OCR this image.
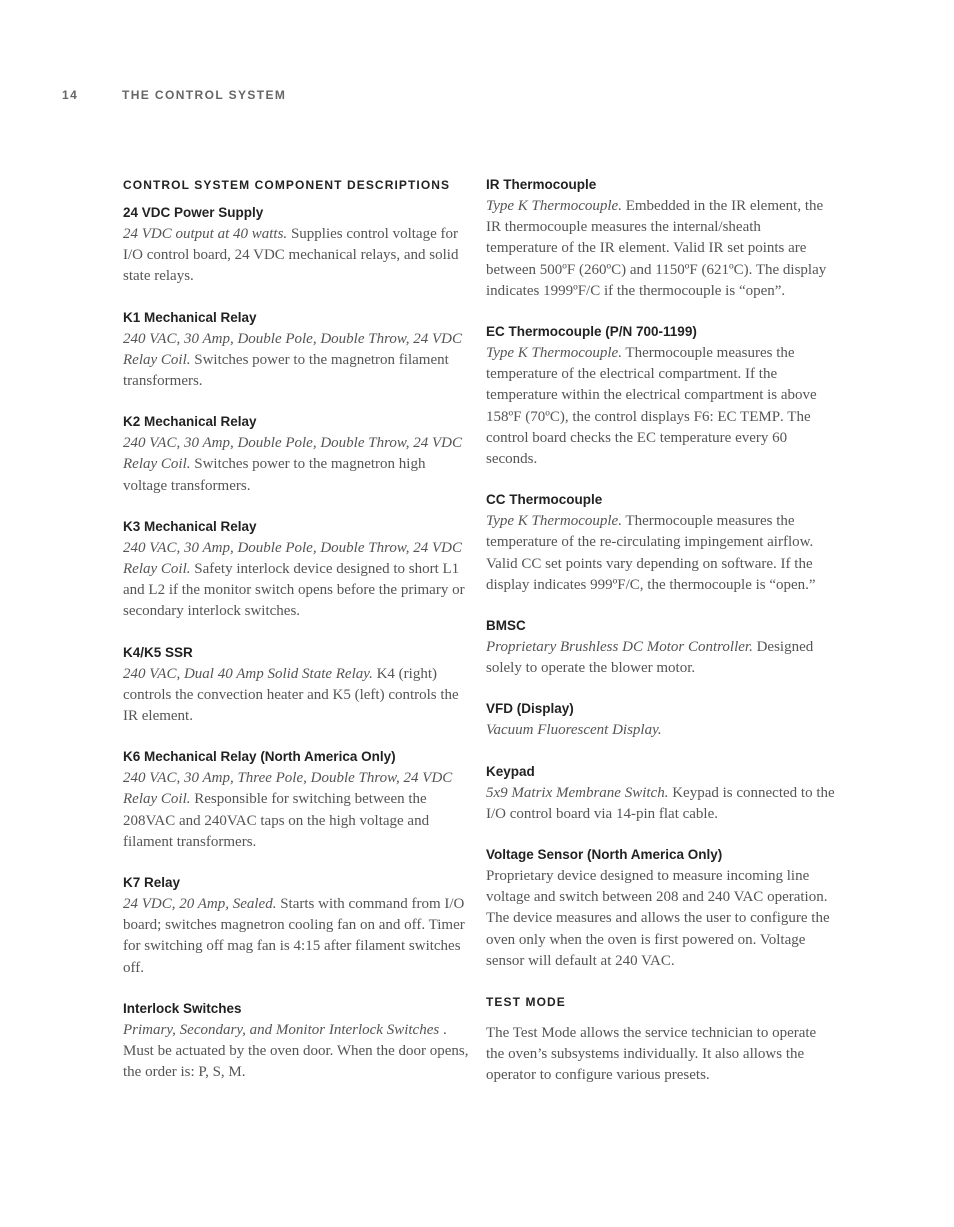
14	THE CONTROL SYSTEM
CONTROL SYSTEM COMPONENT DESCRIPTIONS
24 VDC Power Supply

24 VDC output at 40 watts. Supplies control voltage for I/O control board, 24 VDC mechanical relays, and solid state relays.

K1 Mechanical Relay

240 VAC, 30 Amp, Double Pole, Double Throw, 24 VDC Relay Coil. Switches power to the magnetron filament transformers.

K2 Mechanical Relay

240 VAC, 30 Amp, Double Pole, Double Throw, 24 VDC Relay Coil. Switches power to the magnetron high voltage transformers.

K3 Mechanical Relay

240 VAC, 30 Amp, Double Pole, Double Throw, 24 VDC Relay Coil. Safety interlock device designed to short L1 and L2 if the monitor switch opens before the primary or secondary interlock switches.

K4/K5 SSR

240 VAC, Dual 40 Amp Solid State Relay. K4 (right) controls the convection heater and K5 (left) controls the IR element.

K6 Mechanical Relay (North America Only)

240 VAC, 30 Amp, Three Pole, Double Throw, 24 VDC Relay Coil. Responsible for switching between the 208VAC and 240VAC taps on the high voltage and filament transformers.

K7 Relay

24 VDC, 20 Amp, Sealed. Starts with command from I/O board; switches magnetron cooling fan on and off. Timer for switching off mag fan is 4:15 after filament switches off.

Interlock Switches

Primary, Secondary, and Monitor Interlock Switches . Must be actuated by the oven door. When the door opens, the order is: P, S, M.

IR Thermocouple

Type K Thermocouple. Embedded in the IR element, the IR thermocouple measures the internal/sheath temperature of the IR element. Valid IR set points are between 500ºF (260ºC) and 1150ºF (621ºC). The display indicates 1999ºF/C if the thermocouple is “open”.

EC Thermocouple (P/N 700-1199)

Type K Thermocouple. Thermocouple measures the temperature of the electrical compartment. If the temperature within the electrical compartment is above 158ºF (70ºC), the control displays F6: EC TEMP. The control board checks the EC temperature every 60 seconds.

CC Thermocouple

Type K Thermocouple. Thermocouple measures the temperature of the re-circulating impingement airflow. Valid CC set points vary depending on software. If the display indicates 999ºF/C, the thermocouple is “open.”

BMSC

Proprietary Brushless DC Motor Controller. Designed solely to operate the blower motor.

VFD (Display)

Vacuum Fluorescent Display.

Keypad

5x9 Matrix Membrane Switch. Keypad is connected to the I/O control board via 14-pin flat cable.

Voltage Sensor (North America Only)

Proprietary device designed to measure incoming line voltage and switch between 208 and 240 VAC operation. The device measures and allows the user to configure the oven only when the oven is first powered on. Voltage sensor will default at 240 VAC.

TEST MODE

The Test Mode allows the service technician to operate the oven’s subsystems individually. It also allows the operator to configure various presets.
